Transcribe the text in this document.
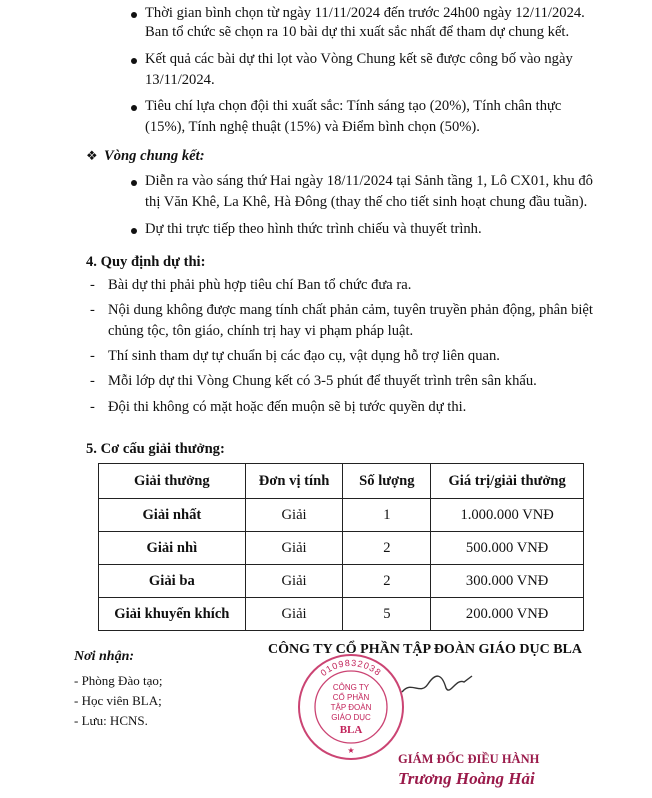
Thời gian bình chọn từ ngày 11/11/2024 đến trước 24h00 ngày 12/11/2024.
Ban tổ chức sẽ chọn ra 10 bài dự thi xuất sắc nhất để tham dự chung kết.
Kết quả các bài dự thi lọt vào Vòng Chung kết sẽ được công bố vào ngày
13/11/2024.
Tiêu chí lựa chọn đội thi xuất sắc: Tính sáng tạo (20%), Tính chân thực
(15%), Tính nghệ thuật (15%) và Điểm bình chọn (50%).
❖ Vòng chung kết:
Diễn ra vào sáng thứ Hai ngày 18/11/2024 tại Sảnh tầng 1, Lô CX01, khu đô
thị Văn Khê, La Khê, Hà Đông (thay thế cho tiết sinh hoạt chung đầu tuần).
Dự thi trực tiếp theo hình thức trình chiếu và thuyết trình.
4. Quy định dự thi:
- Bài dự thi phải phù hợp tiêu chí Ban tổ chức đưa ra.
- Nội dung không được mang tính chất phản cảm, tuyên truyền phản động, phân biệt
chủng tộc, tôn giáo, chính trị hay vi phạm pháp luật.
- Thí sinh tham dự tự chuẩn bị các đạo cụ, vật dụng hỗ trợ liên quan.
- Mỗi lớp dự thi Vòng Chung kết có 3-5 phút để thuyết trình trên sân khấu.
- Đội thi không có mặt hoặc đến muộn sẽ bị tước quyền dự thi.
5. Cơ cấu giải thưởng:
Giải thưởng	Đơn vị tính	Số lượng	Giá trị/giải thưởng
Giải nhất	Giải	1	1.000.000 VNĐ
Giải nhì	Giải	2	500.000 VNĐ
Giải ba	Giải	2	300.000 VNĐ
Giải khuyến khích	Giải	5	200.000 VNĐ
Nơi nhận:
- Phòng Đào tạo;
- Học viên BLA;
- Lưu: HCNS.
CÔNG TY CỔ PHẦN TẬP ĐOÀN GIÁO DỤC BLA
0109832038
CÔNG TY
CỔ PHẦN
TẬP ĐOÀN
GIÁO DỤC
BLA
★
GIÁM ĐỐC ĐIỀU HÀNH
Trương Hoàng Hải
